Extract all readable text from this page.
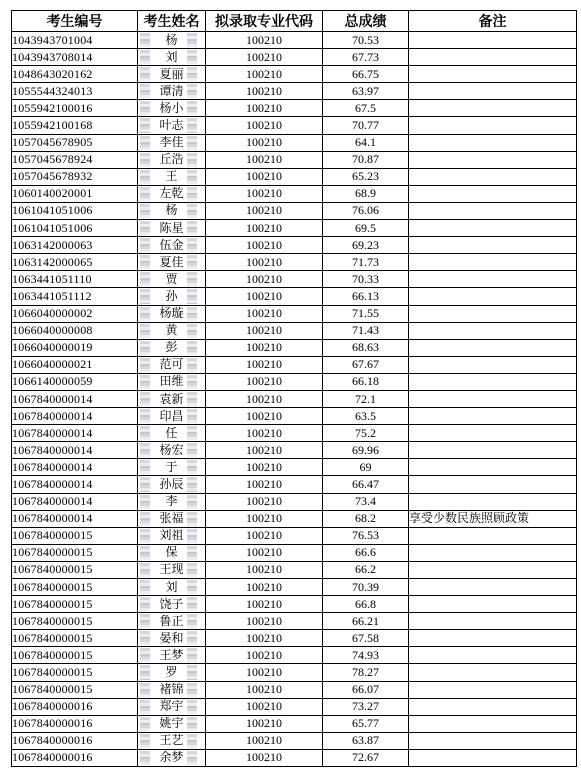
考生编号	考生姓名	拟录取专业代码	总成绩	备注
1043943701004	杨	100210	70.53	
1043943708014	刘	100210	67.73	
1048643020162	夏丽	100210	66.75	
1055544324013	谭清	100210	63.97	
1055942100016	杨小	100210	67.5	
1055942100168	叶志	100210	70.77	
1057045678905	李佳	100210	64.1	
1057045678924	丘浩	100210	70.87	
1057045678932	王	100210	65.23	
1060140020001	左乾	100210	68.9	
1061041051006	杨	100210	76.06	
1061041051006	陈星	100210	69.5	
1063142000063	伍金	100210	69.23	
1063142000065	夏佳	100210	71.73	
1063441051110	贾	100210	70.33	
1063441051112	孙	100210	66.13	
1066040000002	杨璇	100210	71.55	
1066040000008	黄	100210	71.43	
1066040000019	彭	100210	68.63	
1066040000021	范可	100210	67.67	
1066140000059	田维	100210	66.18	
1067840000014	袁新	100210	72.1	
1067840000014	印昌	100210	63.5	
1067840000014	任	100210	75.2	
1067840000014	杨宏	100210	69.96	
1067840000014	于	100210	69	
1067840000014	孙辰	100210	66.47	
1067840000014	李	100210	73.4	
1067840000014	张福	100210	68.2	享受少数民族照顾政策
1067840000015	刘祖	100210	76.53	
1067840000015	保	100210	66.6	
1067840000015	王现	100210	66.2	
1067840000015	刘	100210	70.39	
1067840000015	饶子	100210	66.8	
1067840000015	鲁正	100210	66.21	
1067840000015	晏和	100210	67.58	
1067840000015	王梦	100210	74.93	
1067840000015	罗	100210	78.27	
1067840000015	褚锦	100210	66.07	
1067840000016	郑宇	100210	73.27	
1067840000016	姚宇	100210	65.77	
1067840000016	王艺	100210	63.87	
1067840000016	余梦	100210	72.67	
